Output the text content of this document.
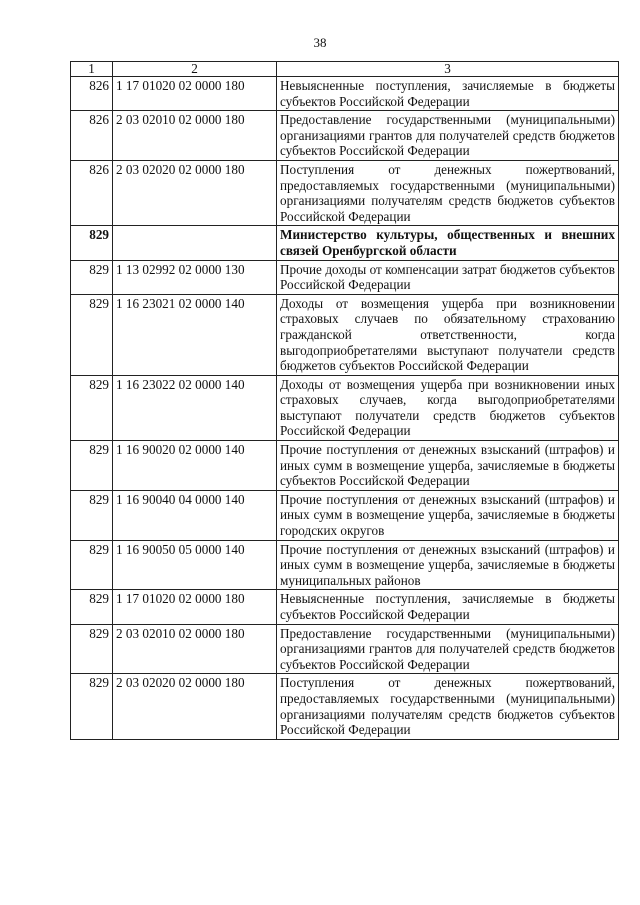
38
1	2	3
826	1 17 01020 02 0000 180	Невыясненные поступления, зачисляемые в бюджеты субъектов Российской Федерации
826	2 03 02010 02 0000 180	Предоставление государственными (муниципальными) организациями грантов для получателей средств бюджетов субъектов Российской Федерации
826	2 03 02020 02 0000 180	Поступления от денежных пожертвований, предоставляемых государственными (муниципальными) организациями получателям средств бюджетов субъектов Российской Федерации
829		Министерство культуры, общественных и внешних связей Оренбургской области
829	1 13 02992 02 0000 130	Прочие доходы от компенсации затрат бюджетов субъектов Российской Федерации
829	1 16 23021 02 0000 140	Доходы от возмещения ущерба при возникновении страховых случаев по обязательному страхованию гражданской ответственности, когда выгодоприобретателями выступают получатели средств бюджетов субъектов Российской Федерации
829	1 16 23022 02 0000 140	Доходы от возмещения ущерба при возникновении иных страховых случаев, когда выгодоприобретателями выступают получатели средств бюджетов субъектов Российской Федерации
829	1 16 90020 02 0000 140	Прочие поступления от денежных взысканий (штрафов) и иных сумм в возмещение ущерба, зачисляемые в бюджеты субъектов Российской Федерации
829	1 16 90040 04 0000 140	Прочие поступления от денежных взысканий (штрафов) и иных сумм в возмещение ущерба, зачисляемые в бюджеты городских округов
829	1 16 90050 05 0000 140	Прочие поступления от денежных взысканий (штрафов) и иных сумм в возмещение ущерба, зачисляемые в бюджеты муниципальных районов
829	1 17 01020 02 0000 180	Невыясненные поступления, зачисляемые в бюджеты субъектов Российской Федерации
829	2 03 02010 02 0000 180	Предоставление государственными (муниципальными) организациями грантов для получателей средств бюджетов субъектов Российской Федерации
829	2 03 02020 02 0000 180	Поступления от денежных пожертвований, предоставляемых государственными (муниципальными) организациями получателям средств бюджетов субъектов Российской Федерации
